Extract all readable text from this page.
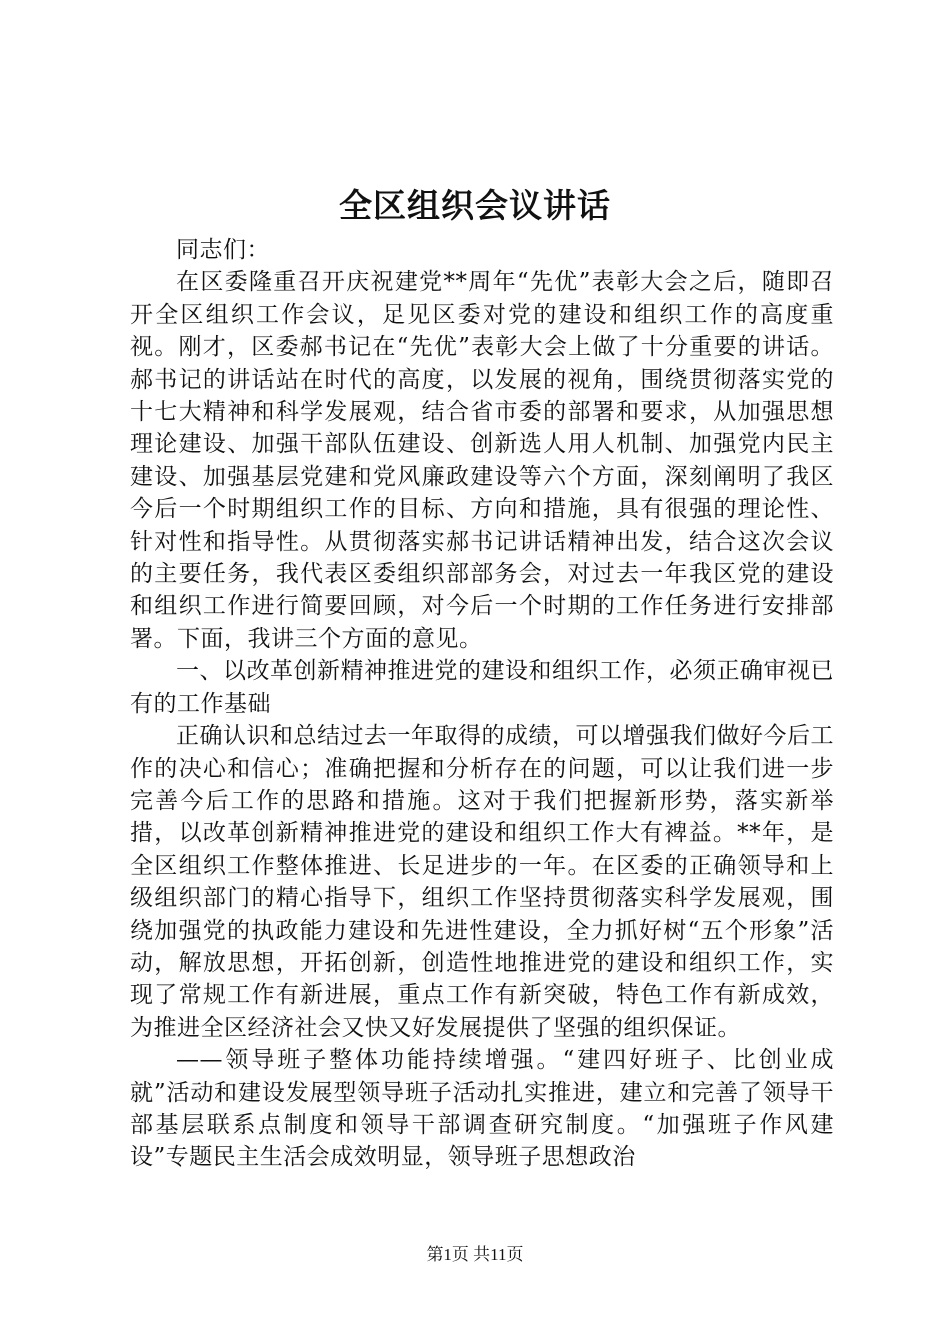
全区组织会议讲话

同志们：

在区委隆重召开庆祝建党**周年“先优”表彰大会之后，随即召开全区组织工作会议，足见区委对党的建设和组织工作的高度重视。刚才，区委郝书记在“先优”表彰大会上做了十分重要的讲话。郝书记的讲话站在时代的高度，以发展的视角，围绕贯彻落实党的十七大精神和科学发展观，结合省市委的部署和要求，从加强思想理论建设、加强干部队伍建设、创新选人用人机制、加强党内民主建设、加强基层党建和党风廉政建设等六个方面，深刻阐明了我区今后一个时期组织工作的目标、方向和措施，具有很强的理论性、针对性和指导性。从贯彻落实郝书记讲话精神出发，结合这次会议的主要任务，我代表区委组织部部务会，对过去一年我区党的建设和组织工作进行简要回顾，对今后一个时期的工作任务进行安排部署。下面，我讲三个方面的意见。

一、以改革创新精神推进党的建设和组织工作，必须正确审视已有的工作基础

正确认识和总结过去一年取得的成绩，可以增强我们做好今后工作的决心和信心；准确把握和分析存在的问题，可以让我们进一步完善今后工作的思路和措施。这对于我们把握新形势，落实新举措，以改革创新精神推进党的建设和组织工作大有裨益。**年，是全区组织工作整体推进、长足进步的一年。在区委的正确领导和上级组织部门的精心指导下，组织工作坚持贯彻落实科学发展观，围绕加强党的执政能力建设和先进性建设，全力抓好树“五个形象”活动，解放思想，开拓创新，创造性地推进党的建设和组织工作，实现了常规工作有新进展，重点工作有新突破，特色工作有新成效，为推进全区经济社会又快又好发展提供了坚强的组织保证。

——领导班子整体功能持续增强。“建四好班子、比创业成就”活动和建设发展型领导班子活动扎实推进，建立和完善了领导干部基层联系点制度和领导干部调查研究制度。“加强班子作风建设”专题民主生活会成效明显，领导班子思想政治

第1页 共11页
